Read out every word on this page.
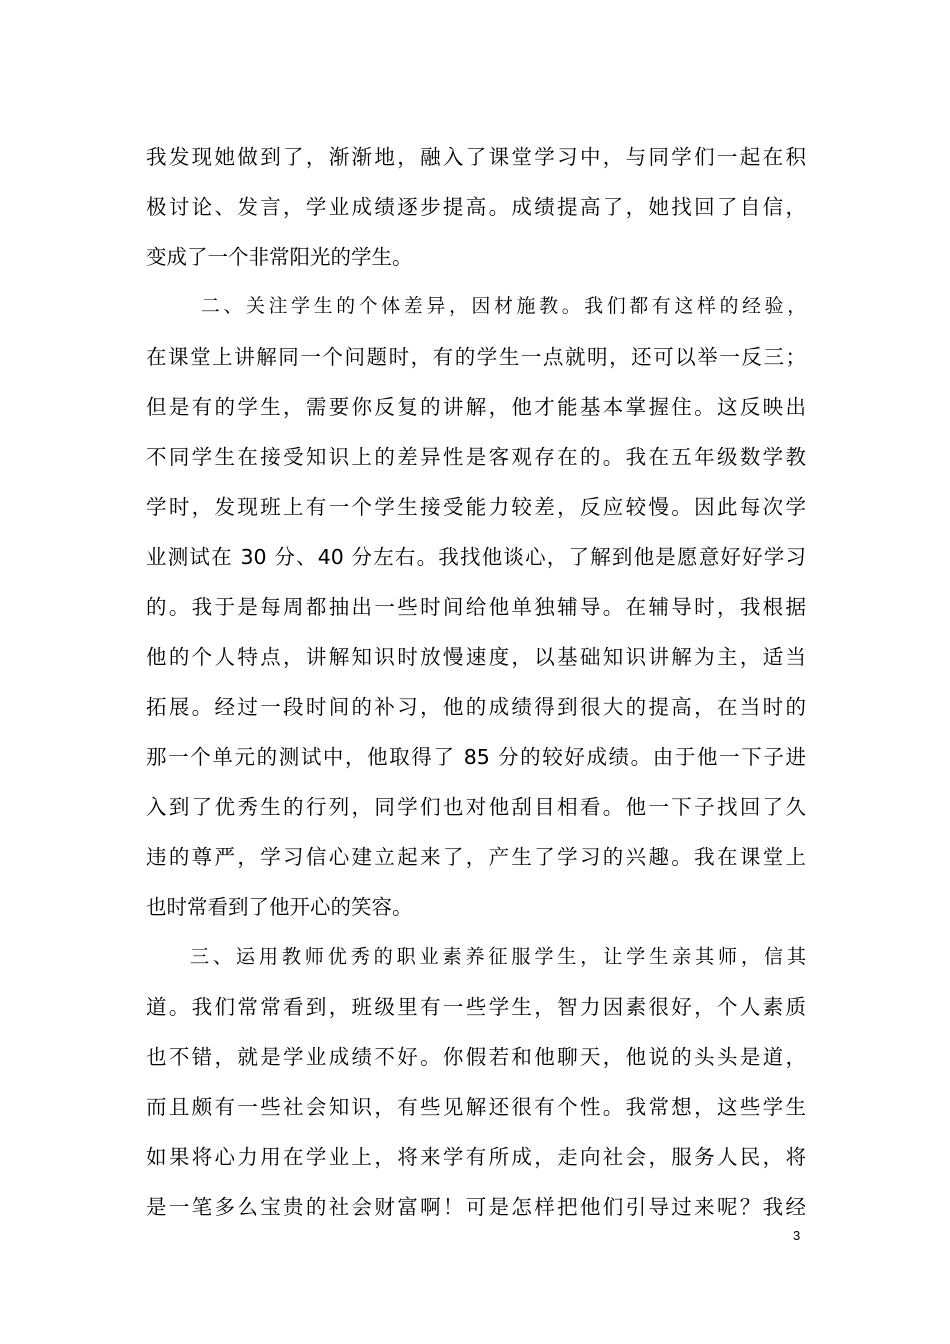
我发现她做到了，渐渐地，融入了课堂学习中，与同学们一起在积
极讨论、发言，学业成绩逐步提高。成绩提高了，她找回了自信，
变成了一个非常阳光的学生。
二、关注学生的个体差异，因材施教。我们都有这样的经验，
在课堂上讲解同一个问题时，有的学生一点就明，还可以举一反三；
但是有的学生，需要你反复的讲解，他才能基本掌握住。这反映出
不同学生在接受知识上的差异性是客观存在的。我在五年级数学教
学时，发现班上有一个学生接受能力较差，反应较慢。因此每次学
业测试在 30 分、40 分左右。我找他谈心，了解到他是愿意好好学习
的。我于是每周都抽出一些时间给他单独辅导。在辅导时，我根据
他的个人特点，讲解知识时放慢速度，以基础知识讲解为主，适当
拓展。经过一段时间的补习，他的成绩得到很大的提高，在当时的
那一个单元的测试中，他取得了 85 分的较好成绩。由于他一下子进
入到了优秀生的行列，同学们也对他刮目相看。他一下子找回了久
违的尊严，学习信心建立起来了，产生了学习的兴趣。我在课堂上
也时常看到了他开心的笑容。
三、运用教师优秀的职业素养征服学生，让学生亲其师，信其
道。我们常常看到，班级里有一些学生，智力因素很好，个人素质
也不错，就是学业成绩不好。你假若和他聊天，他说的头头是道，
而且颇有一些社会知识，有些见解还很有个性。我常想，这些学生
如果将心力用在学业上，将来学有所成，走向社会，服务人民，将
是一笔多么宝贵的社会财富啊！可是怎样把他们引导过来呢？我经
3
